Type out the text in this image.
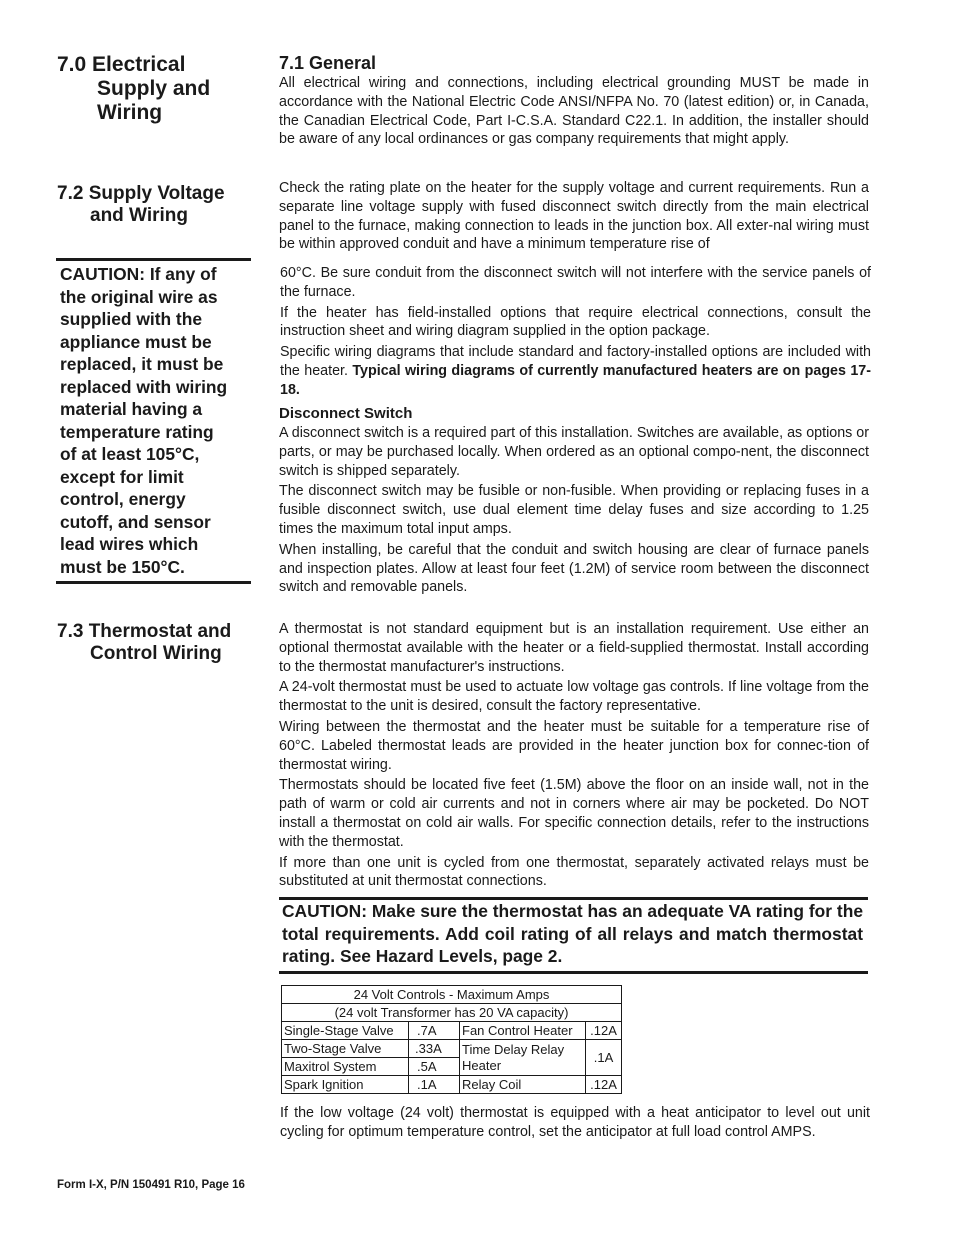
7.0 Electrical
Supply and
Wiring
7.2 Supply Voltage
and Wiring
CAUTION: If any of
the original wire as
supplied with the
appliance must be
replaced, it must be
replaced with wiring
material having a
temperature rating
of at least 105°C,
except for limit
control, energy
cutoff, and sensor
lead wires which
must be 150°C.
7.3 Thermostat and
Control Wiring
7.1 General

All electrical wiring and connections, including electrical grounding MUST be made in accordance with the National Electric Code ANSI/NFPA No. 70 (latest edition) or, in Canada, the Canadian Electrical Code, Part I-C.S.A. Standard C22.1. In addition, the installer should be aware of any local ordinances or gas company requirements that might apply.

Check the rating plate on the heater for the supply voltage and current requirements. Run a separate line voltage supply with fused disconnect switch directly from the main electrical panel to the furnace, making connection to leads in the junction box. All exter-nal wiring must be within approved conduit and have a minimum temperature rise of

60°C. Be sure conduit from the disconnect switch will not interfere with the service panels of the furnace.

If the heater has field-installed options that require electrical connections, consult the instruction sheet and wiring diagram supplied in the option package.

Specific wiring diagrams that include standard and factory-installed options are included with the heater. Typical wiring diagrams of currently manufactured heaters are on pages 17-18.

Disconnect Switch

A disconnect switch is a required part of this installation. Switches are available, as options or parts, or may be purchased locally. When ordered as an optional compo-nent, the disconnect switch is shipped separately.

The disconnect switch may be fusible or non-fusible. When providing or replacing fuses in a fusible disconnect switch, use dual element time delay fuses and size according to 1.25 times the maximum total input amps.

When installing, be careful that the conduit and switch housing are clear of furnace panels and inspection plates. Allow at least four feet (1.2M) of service room between the disconnect switch and removable panels.

A thermostat is not standard equipment but is an installation requirement. Use either an optional thermostat available with the heater or a field-supplied thermostat. Install according to the thermostat manufacturer's instructions.

A 24-volt thermostat must be used to actuate low voltage gas controls. If line voltage from the thermostat to the unit is desired, consult the factory representative.

Wiring between the thermostat and the heater must be suitable for a temperature rise of 60°C. Labeled thermostat leads are provided in the heater junction box for connec-tion of thermostat wiring.

Thermostats should be located five feet (1.5M) above the floor on an inside wall, not in the path of warm or cold air currents and not in corners where air may be pocketed. Do NOT install a thermostat on cold air walls. For specific connection details, refer to the instructions with the thermostat.

If more than one unit is cycled from one thermostat, separately activated relays must be substituted at unit thermostat connections.

CAUTION: Make sure the thermostat has an adequate VA rating for the total requirements. Add coil rating of all relays and match thermostat rating. See Hazard Levels, page 2.
24 Volt Controls - Maximum Amps			
(24 volt Transformer has 20 VA capacity)			
Single-Stage Valve	.7A	Fan Control Heater	.12A
Two-Stage Valve	.33A	Time Delay Relay
Heater	.1A
Maxitrol System	.5A		
Spark Ignition	.1A	Relay Coil	.12A

If the low voltage (24 volt) thermostat is equipped with a heat anticipator to level out unit cycling for optimum temperature control, set the anticipator at full load control AMPS.

Form I-X, P/N 150491 R10, Page 16
